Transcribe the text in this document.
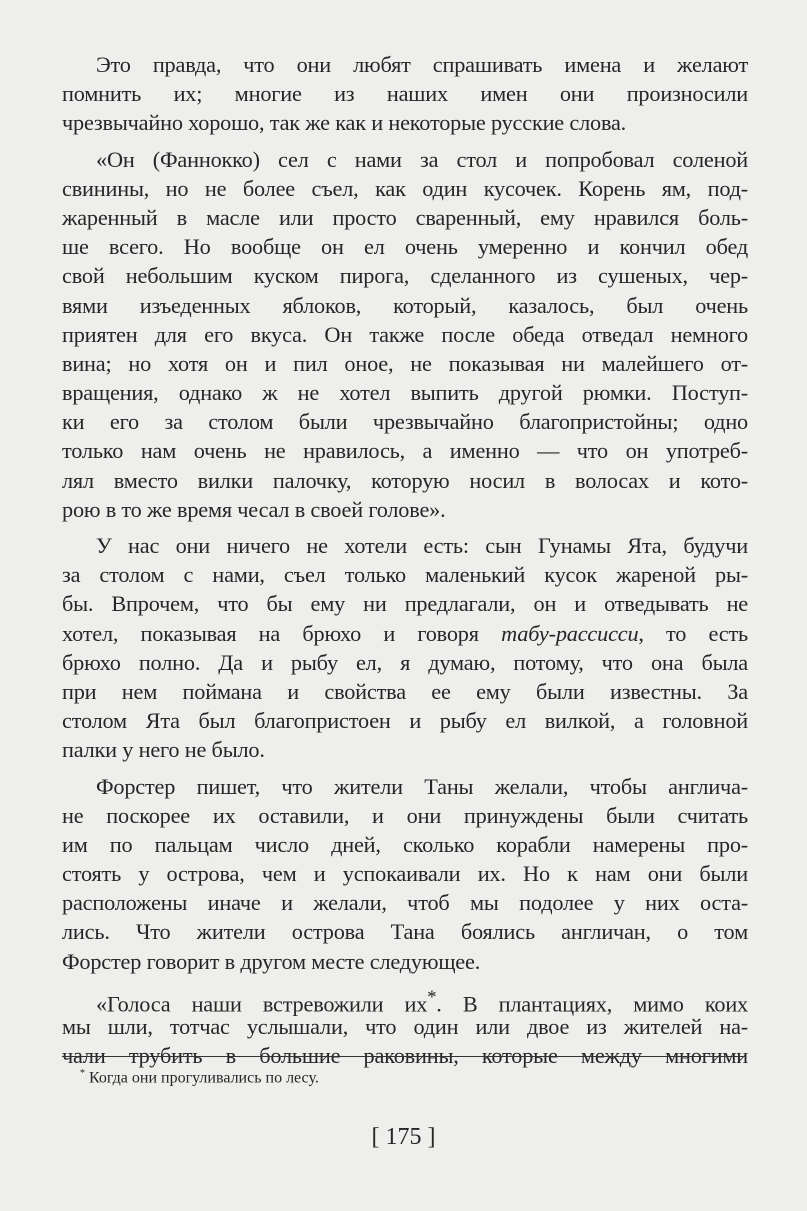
Это правда, что они любят спрашивать имена и желают
помнить их; многие из наших имен они произносили
чрезвычайно хорошо, так же как и некоторые русские слова.
«Он (Фаннокко) сел с нами за стол и попробовал соленой
свинины, но не более съел, как один кусочек. Корень ям, под-
жаренный в масле или просто сваренный, ему нравился боль-
ше всего. Но вообще он ел очень умеренно и кончил обед
свой небольшим куском пирога, сделанного из сушеных, чер-
вями изъеденных яблоков, который, казалось, был очень
приятен для его вкуса. Он также после обеда отведал немного
вина; но хотя он и пил оное, не показывая ни малейшего от-
вращения, однако ж не хотел выпить другой рюмки. Поступ-
ки его за столом были чрезвычайно благопристойны; одно
только нам очень не нравилось, а именно — что он употреб-
лял вместо вилки палочку, которую носил в волосах и кото-
рою в то же время чесал в своей голове».
У нас они ничего не хотели есть: сын Гунамы Ята, будучи
за столом с нами, съел только маленький кусок жареной ры-
бы. Впрочем, что бы ему ни предлагали, он и отведывать не
хотел, показывая на брюхо и говоря табу-рассисси, то есть
брюхо полно. Да и рыбу ел, я думаю, потому, что она была
при нем поймана и свойства ее ему были известны. За
столом Ята был благопристоен и рыбу ел вилкой, а головной
палки у него не было.
Форстер пишет, что жители Таны желали, чтобы англича-
не поскорее их оставили, и они принуждены были считать
им по пальцам число дней, сколько корабли намерены про-
стоять у острова, чем и успокаивали их. Но к нам они были
расположены иначе и желали, чтоб мы подолее у них оста-
лись. Что жители острова Тана боялись англичан, о том
Форстер говорит в другом месте следующее.
«Голоса наши встревожили их*. В плантациях, мимо коих
мы шли, тотчас услышали, что один или двое из жителей на-
чали трубить в большие раковины, которые между многими
* Когда они прогуливались по лесу.
[ 175 ]
